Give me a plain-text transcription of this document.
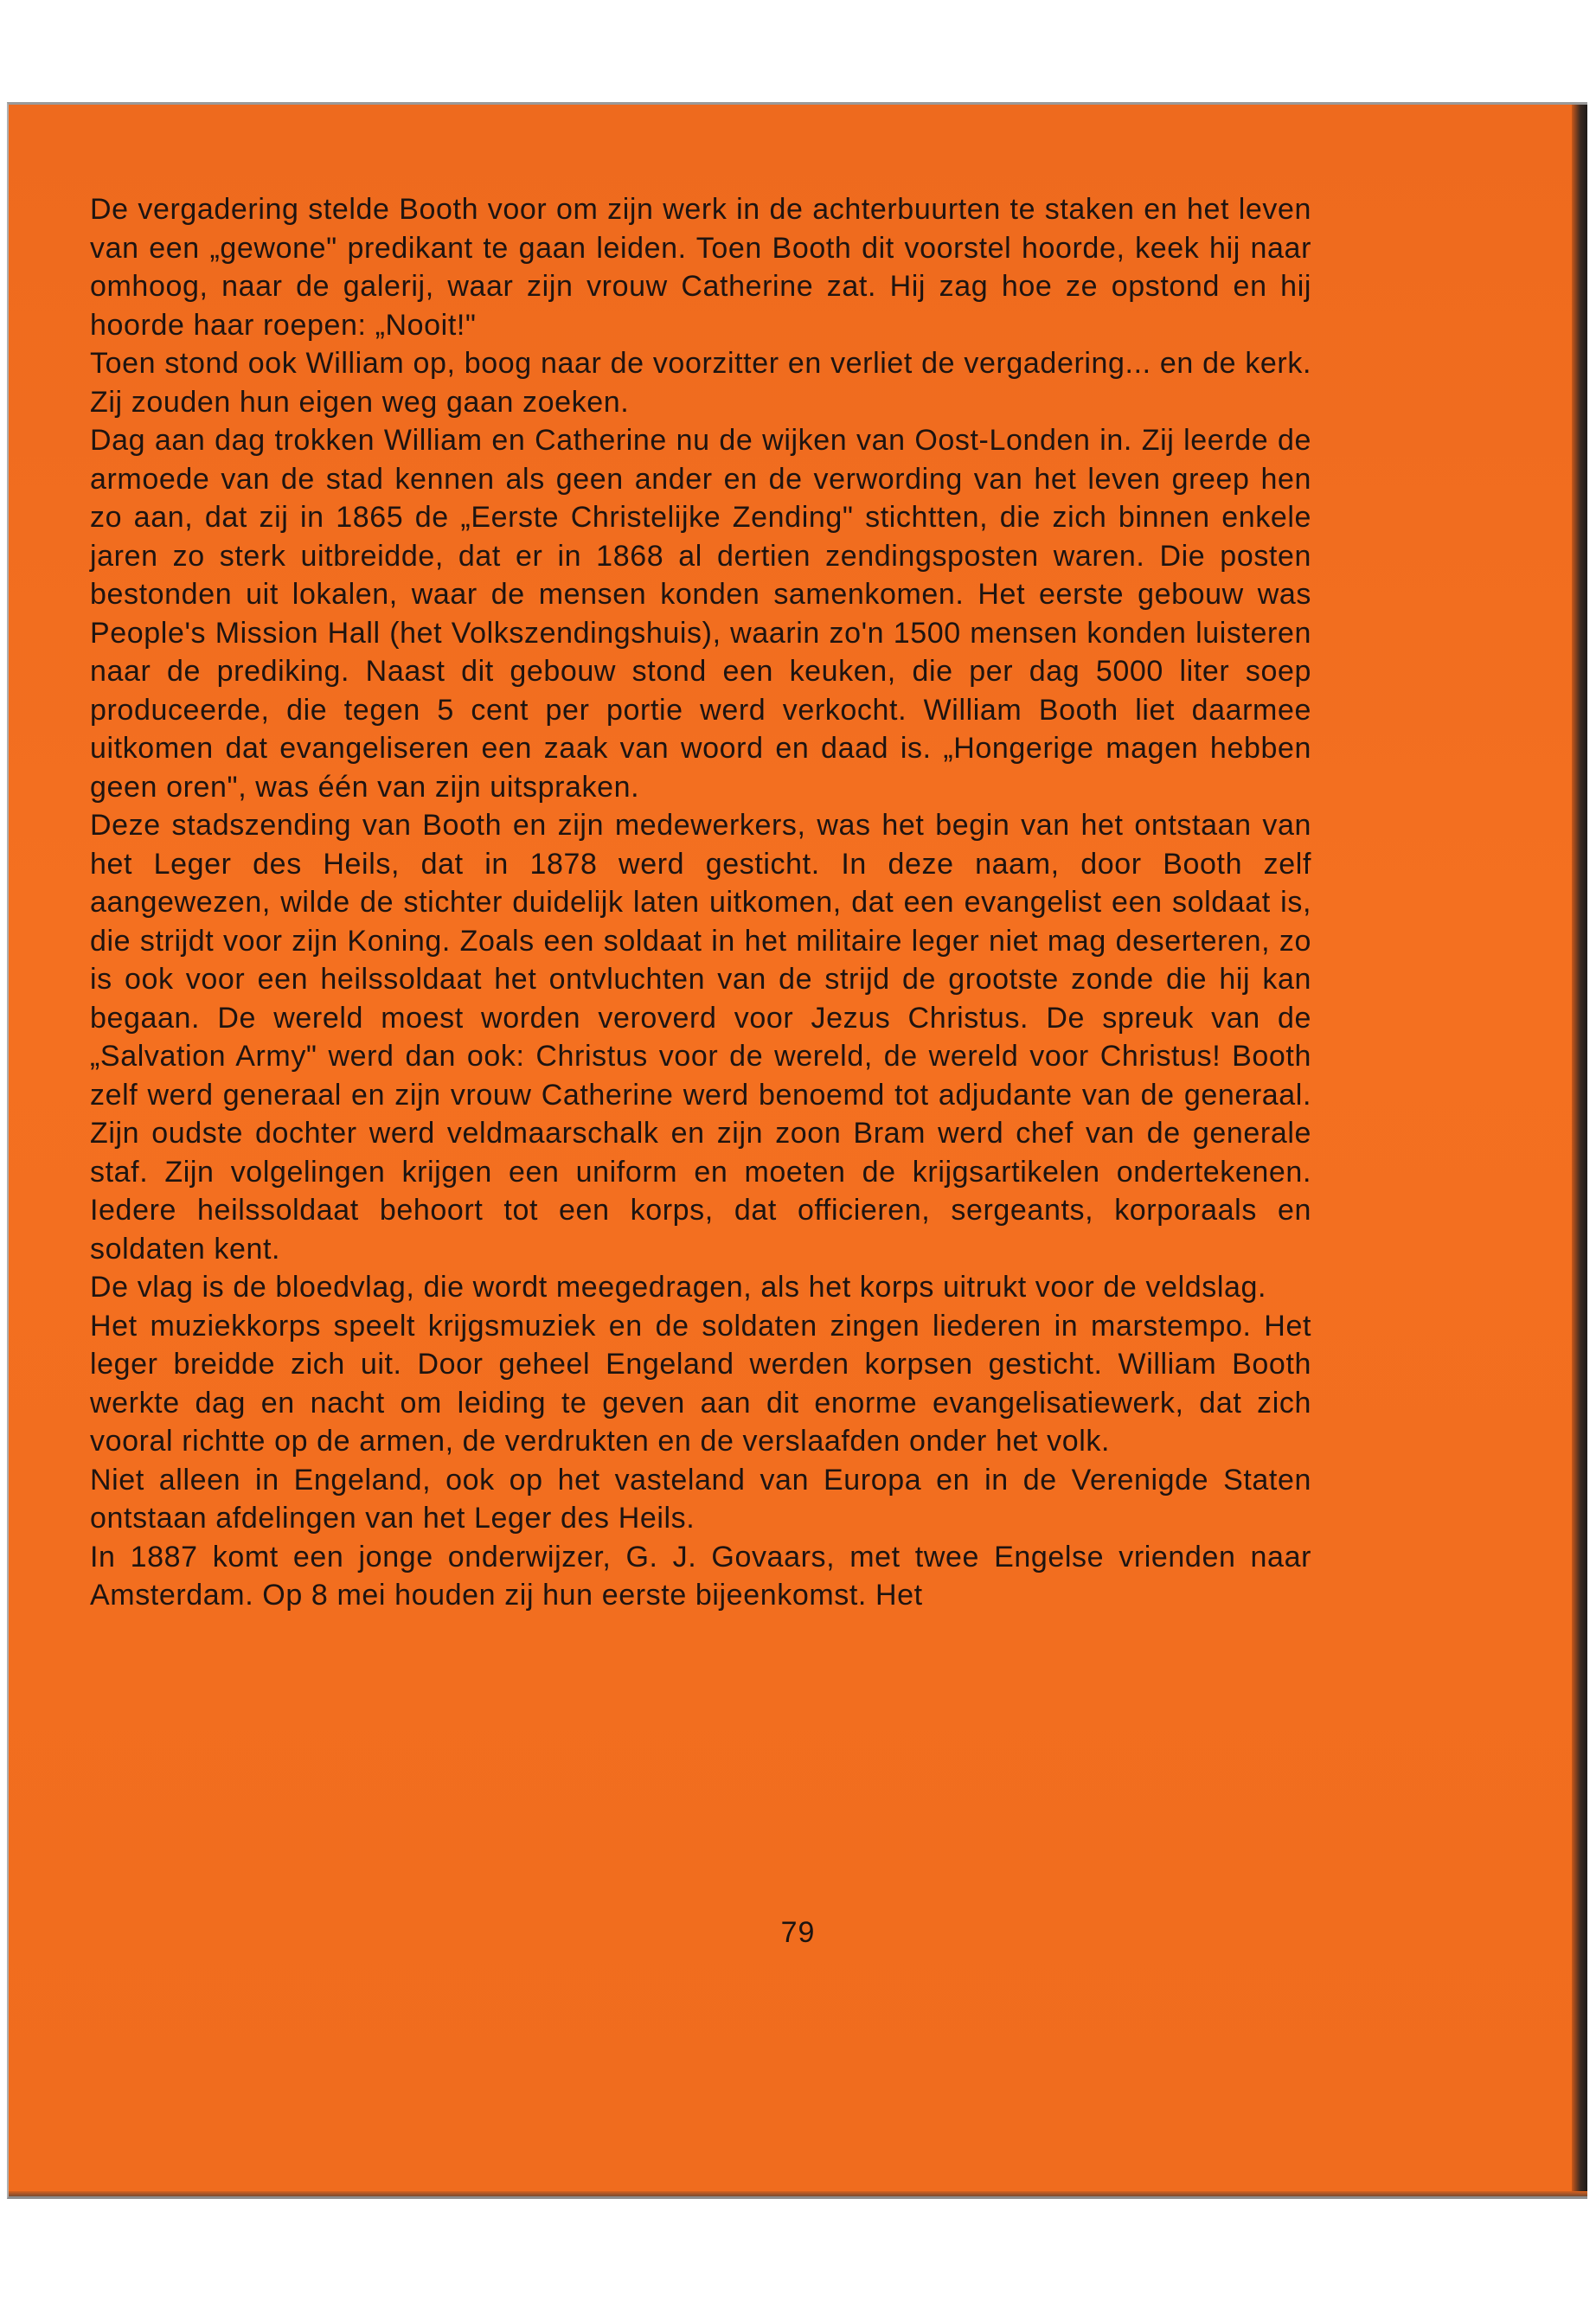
De vergadering stelde Booth voor om zijn werk in de achterbuurten te staken en het leven van een „gewone" predikant te gaan leiden. Toen Booth dit voorstel hoorde, keek hij naar omhoog, naar de galerij, waar zijn vrouw Catherine zat. Hij zag hoe ze opstond en hij hoorde haar roepen: „Nooit!"

Toen stond ook William op, boog naar de voorzitter en verliet de vergadering... en de kerk. Zij zouden hun eigen weg gaan zoeken.

Dag aan dag trokken William en Catherine nu de wijken van Oost-Londen in. Zij leerde de armoede van de stad kennen als geen ander en de verwording van het leven greep hen zo aan, dat zij in 1865 de „Eerste Christelijke Zending" stichtten, die zich binnen enkele jaren zo sterk uitbreidde, dat er in 1868 al dertien zendingsposten waren. Die posten bestonden uit lokalen, waar de mensen konden samenkomen. Het eerste gebouw was People's Mission Hall (het Volkszendingshuis), waarin zo'n 1500 mensen konden luisteren naar de prediking. Naast dit gebouw stond een keuken, die per dag 5000 liter soep produceerde, die tegen 5 cent per portie werd verkocht. William Booth liet daarmee uitkomen dat evangeliseren een zaak van woord en daad is. „Hongerige magen hebben geen oren", was één van zijn uitspraken.

Deze stadszending van Booth en zijn medewerkers, was het begin van het ontstaan van het Leger des Heils, dat in 1878 werd gesticht. In deze naam, door Booth zelf aangewezen, wilde de stichter duidelijk laten uitkomen, dat een evangelist een soldaat is, die strijdt voor zijn Koning. Zoals een soldaat in het militaire leger niet mag deserteren, zo is ook voor een heilssoldaat het ontvluchten van de strijd de grootste zonde die hij kan begaan. De wereld moest worden veroverd voor Jezus Christus. De spreuk van de „Salvation Army" werd dan ook: Christus voor de wereld, de wereld voor Christus! Booth zelf werd generaal en zijn vrouw Catherine werd benoemd tot adjudante van de generaal. Zijn oudste dochter werd veldmaarschalk en zijn zoon Bram werd chef van de generale staf. Zijn volgelingen krijgen een uniform en moeten de krijgsartikelen ondertekenen. Iedere heilssoldaat behoort tot een korps, dat officieren, sergeants, korporaals en soldaten kent.

De vlag is de bloedvlag, die wordt meegedragen, als het korps uitrukt voor de veldslag.

Het muziekkorps speelt krijgsmuziek en de soldaten zingen liederen in marstempo. Het leger breidde zich uit. Door geheel Engeland werden korpsen gesticht. William Booth werkte dag en nacht om leiding te geven aan dit enorme evangelisatiewerk, dat zich vooral richtte op de armen, de verdrukten en de verslaafden onder het volk.

Niet alleen in Engeland, ook op het vasteland van Europa en in de Verenigde Staten ontstaan afdelingen van het Leger des Heils.

In 1887 komt een jonge onderwijzer, G. J. Govaars, met twee Engelse vrienden naar Amsterdam. Op 8 mei houden zij hun eerste bijeenkomst. Het

79
